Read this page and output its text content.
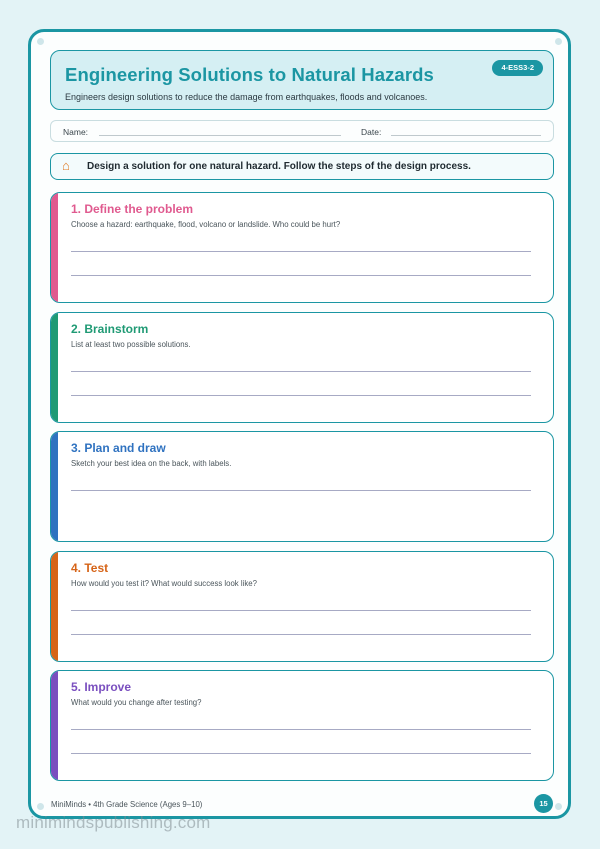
Engineering Solutions to Natural Hazards	4-ESS3-2
Engineers design solutions to reduce the damage from earthquakes, floods and volcanoes.
Name:	Date:
⌂ Design a solution for one natural hazard. Follow the steps of the design process.
1. Define the problem
Choose a hazard: earthquake, flood, volcano or landslide. Who could be hurt?
2. Brainstorm
List at least two possible solutions.
3. Plan and draw
Sketch your best idea on the back, with labels.
4. Test
How would you test it? What would success look like?
5. Improve
What would you change after testing?
MiniMinds • 4th Grade Science (Ages 9–10)	15
minimindspublishing.com
